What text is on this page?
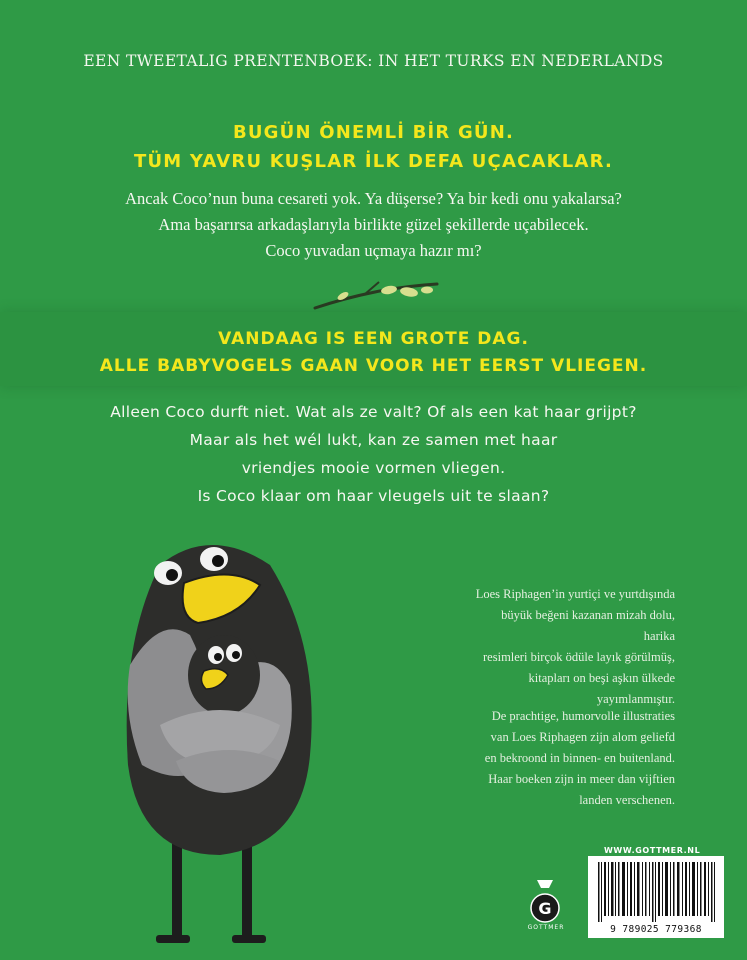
EEN TWEETALIG PRENTENBOEK: IN HET TURKS EN NEDERLANDS
BUGÜN ÖNEMLİ BİR GÜN.
TÜM YAVRU KUŞLAR İLK DEFA UÇACAKLAR.
Ancak Coco’nun buna cesareti yok. Ya düşerse? Ya bir kedi onu yakalarsa?
Ama başarırsa arkadaşlarıyla birlikte güzel şekillerde uçabilecek.
Coco yuvadan uçmaya hazır mı?
VANDAAG IS EEN GROTE DAG.
ALLE BABYVOGELS GAAN VOOR HET EERST VLIEGEN.
Alleen Coco durft niet. Wat als ze valt? Of als een kat haar grijpt?
Maar als het wél lukt, kan ze samen met haar
vriendjes mooie vormen vliegen.
Is Coco klaar om haar vleugels uit te slaan?
Loes Riphagen’in yurtiçi ve yurtdışında
büyük beğeni kazanan mizah dolu, harika
resimleri birçok ödüle layık görülmüş,
kitapları on beşi aşkın ülkede
yayımlanmıştır.
De prachtige, humorvolle illustraties
van Loes Riphagen zijn alom geliefd
en bekroond in binnen- en buitenland.
Haar boeken zijn in meer dan vijftien
landen verschenen.
WWW.GOTTMER.NL
9 789025 779368
G
GOTTMER
